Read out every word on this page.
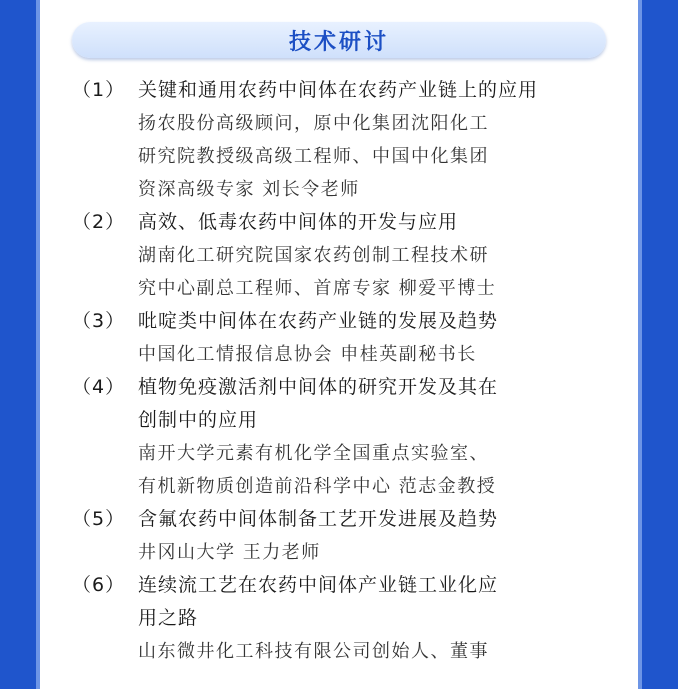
技术研讨
（1） 关键和通用农药中间体在农药产业链上的应用
扬农股份高级顾问，原中化集团沈阳化工
研究院教授级高级工程师、中国中化集团
资深高级专家 刘长令老师
（2） 高效、低毒农药中间体的开发与应用
湖南化工研究院国家农药创制工程技术研
究中心副总工程师、首席专家 柳爱平博士
（3） 吡啶类中间体在农药产业链的发展及趋势
中国化工情报信息协会 申桂英副秘书长
（4） 植物免疫激活剂中间体的研究开发及其在
创制中的应用
南开大学元素有机化学全国重点实验室、
有机新物质创造前沿科学中心 范志金教授
（5） 含氟农药中间体制备工艺开发进展及趋势
井冈山大学 王力老师
（6） 连续流工艺在农药中间体产业链工业化应
用之路
山东微井化工科技有限公司创始人、董事
